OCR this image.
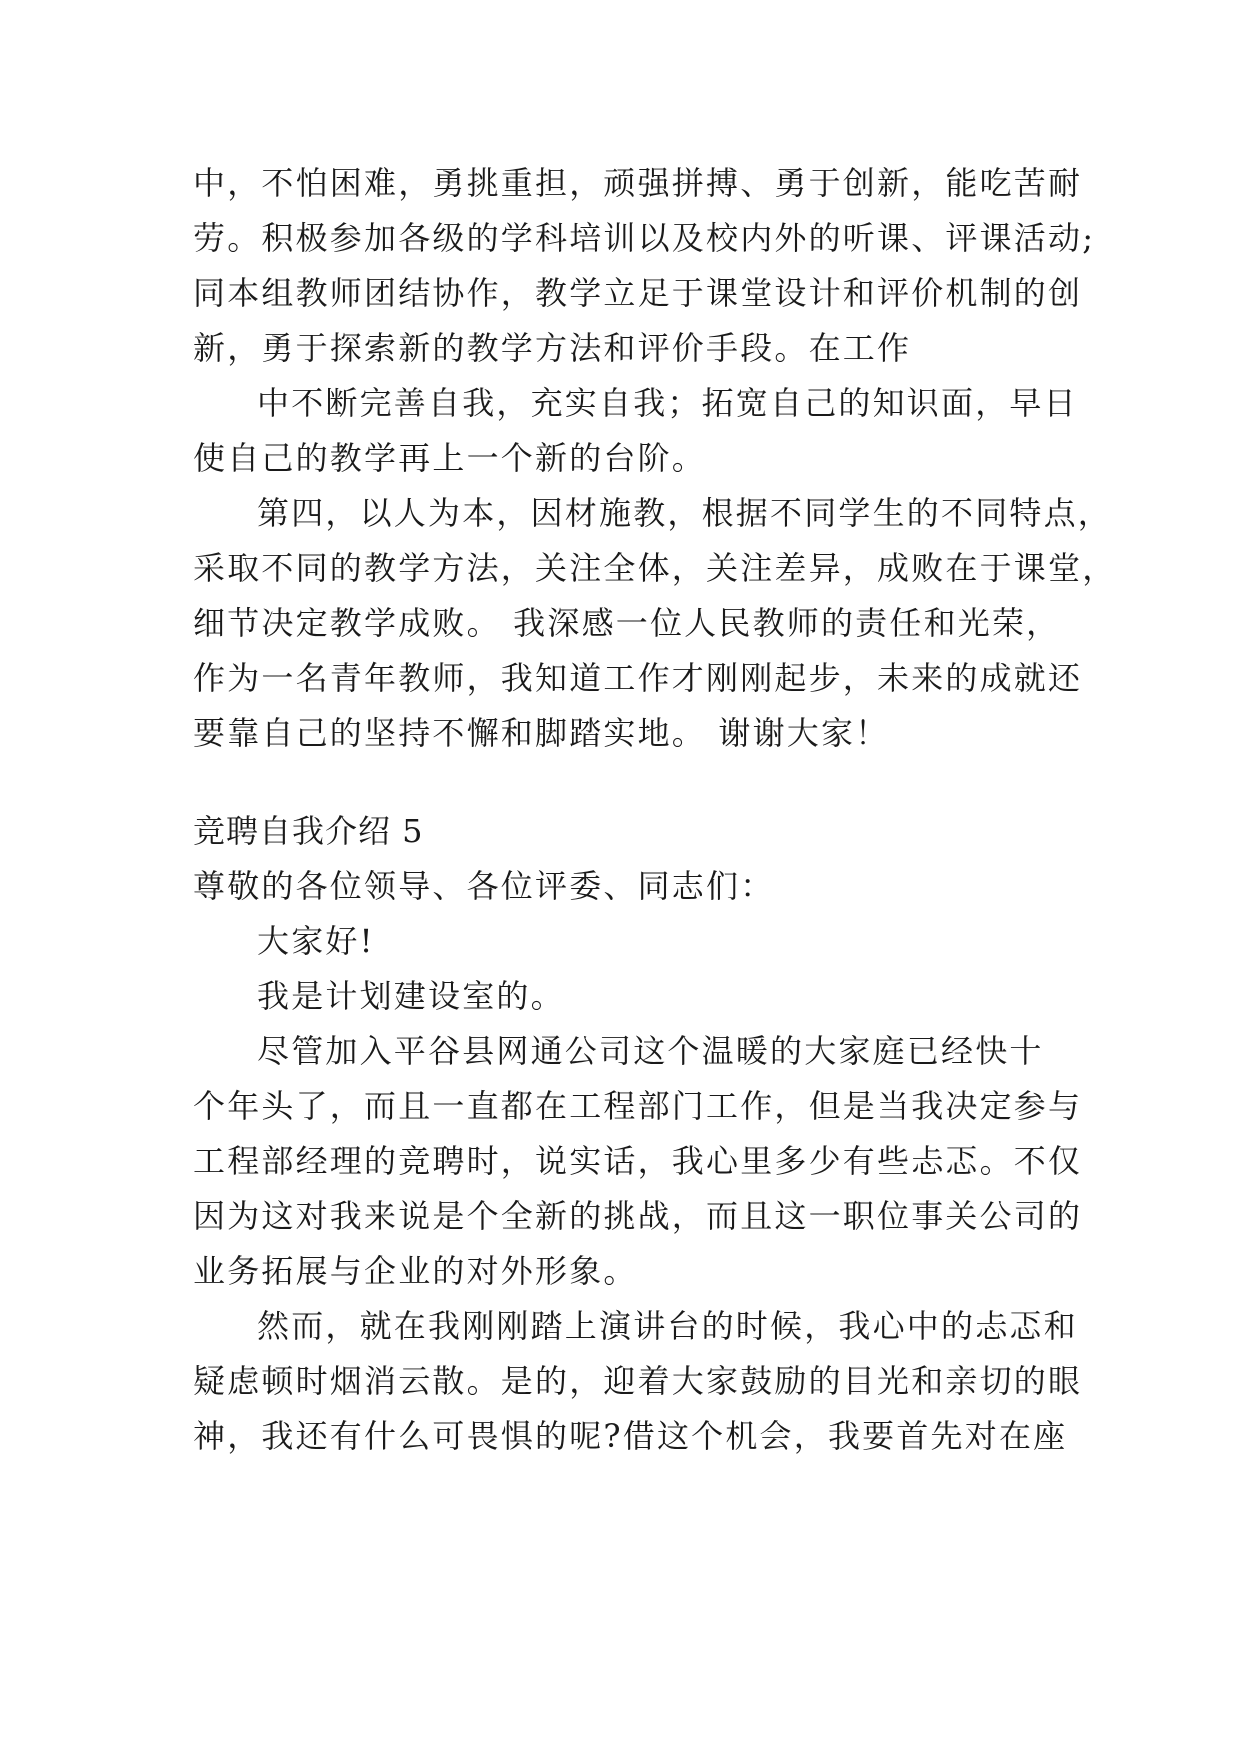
中，不怕困难，勇挑重担，顽强拼搏、勇于创新，能吃苦耐
劳。积极参加各级的学科培训以及校内外的听课、评课活动;
同本组教师团结协作，教学立足于课堂设计和评价机制的创
新，勇于探索新的教学方法和评价手段。在工作
中不断完善自我，充实自我；拓宽自己的知识面，早日
使自己的教学再上一个新的台阶。
第四，以人为本，因材施教，根据不同学生的不同特点，
采取不同的教学方法，关注全体，关注差异，成败在于课堂，
细节决定教学成败。 我深感一位人民教师的责任和光荣，
作为一名青年教师，我知道工作才刚刚起步，未来的成就还
要靠自己的坚持不懈和脚踏实地。 谢谢大家！
竞聘自我介绍 5
尊敬的各位领导、各位评委、同志们：
大家好!
我是计划建设室的。
尽管加入平谷县网通公司这个温暖的大家庭已经快十
个年头了，而且一直都在工程部门工作，但是当我决定参与
工程部经理的竞聘时，说实话，我心里多少有些忐忑。不仅
因为这对我来说是个全新的挑战，而且这一职位事关公司的
业务拓展与企业的对外形象。
然而，就在我刚刚踏上演讲台的时候，我心中的忐忑和
疑虑顿时烟消云散。是的，迎着大家鼓励的目光和亲切的眼
神，我还有什么可畏惧的呢?借这个机会，我要首先对在座
